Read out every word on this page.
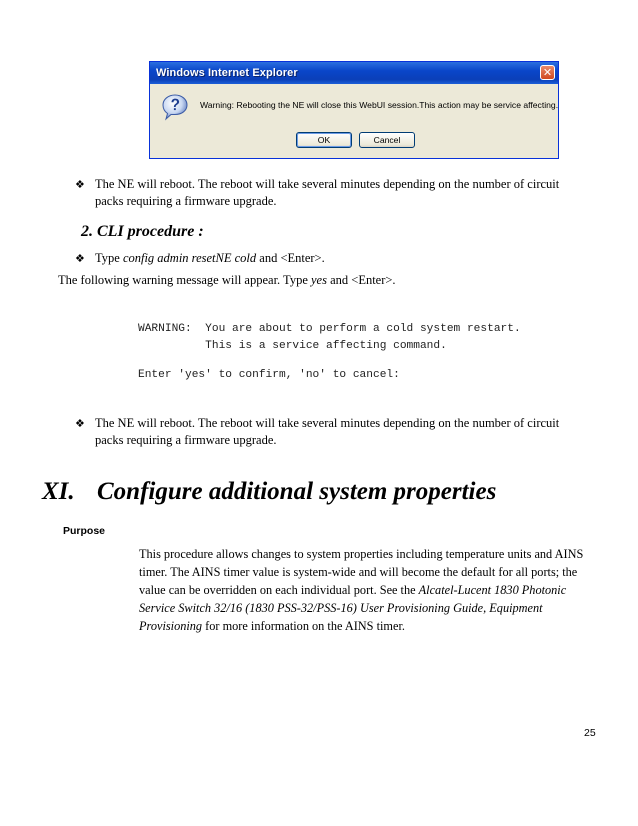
Windows Internet Explorer	✕
Warning: Rebooting the NE will close this WebUI session.This action may be service affecting.
OK	Cancel
❖ The NE will reboot. The reboot will take several minutes depending on the number of circuit
packs requiring a firmware upgrade.
2. CLI procedure :
❖ Type config admin resetNE cold and <Enter>.
The following warning message will appear. Type yes and <Enter>.
WARNING:  You are about to perform a cold system restart.
This is a service affecting command.
Enter 'yes' to confirm, 'no' to cancel:
❖ The NE will reboot. The reboot will take several minutes depending on the number of circuit
packs requiring a firmware upgrade.
XI. Configure additional system properties
Purpose
This procedure allows changes to system properties including temperature units and AINS
timer. The AINS timer value is system-wide and will become the default for all ports; the
value can be overridden on each individual port. See the Alcatel-Lucent 1830 Photonic
Service Switch 32/16 (1830 PSS-32/PSS-16) User Provisioning Guide, Equipment
Provisioning for more information on the AINS timer.
25
